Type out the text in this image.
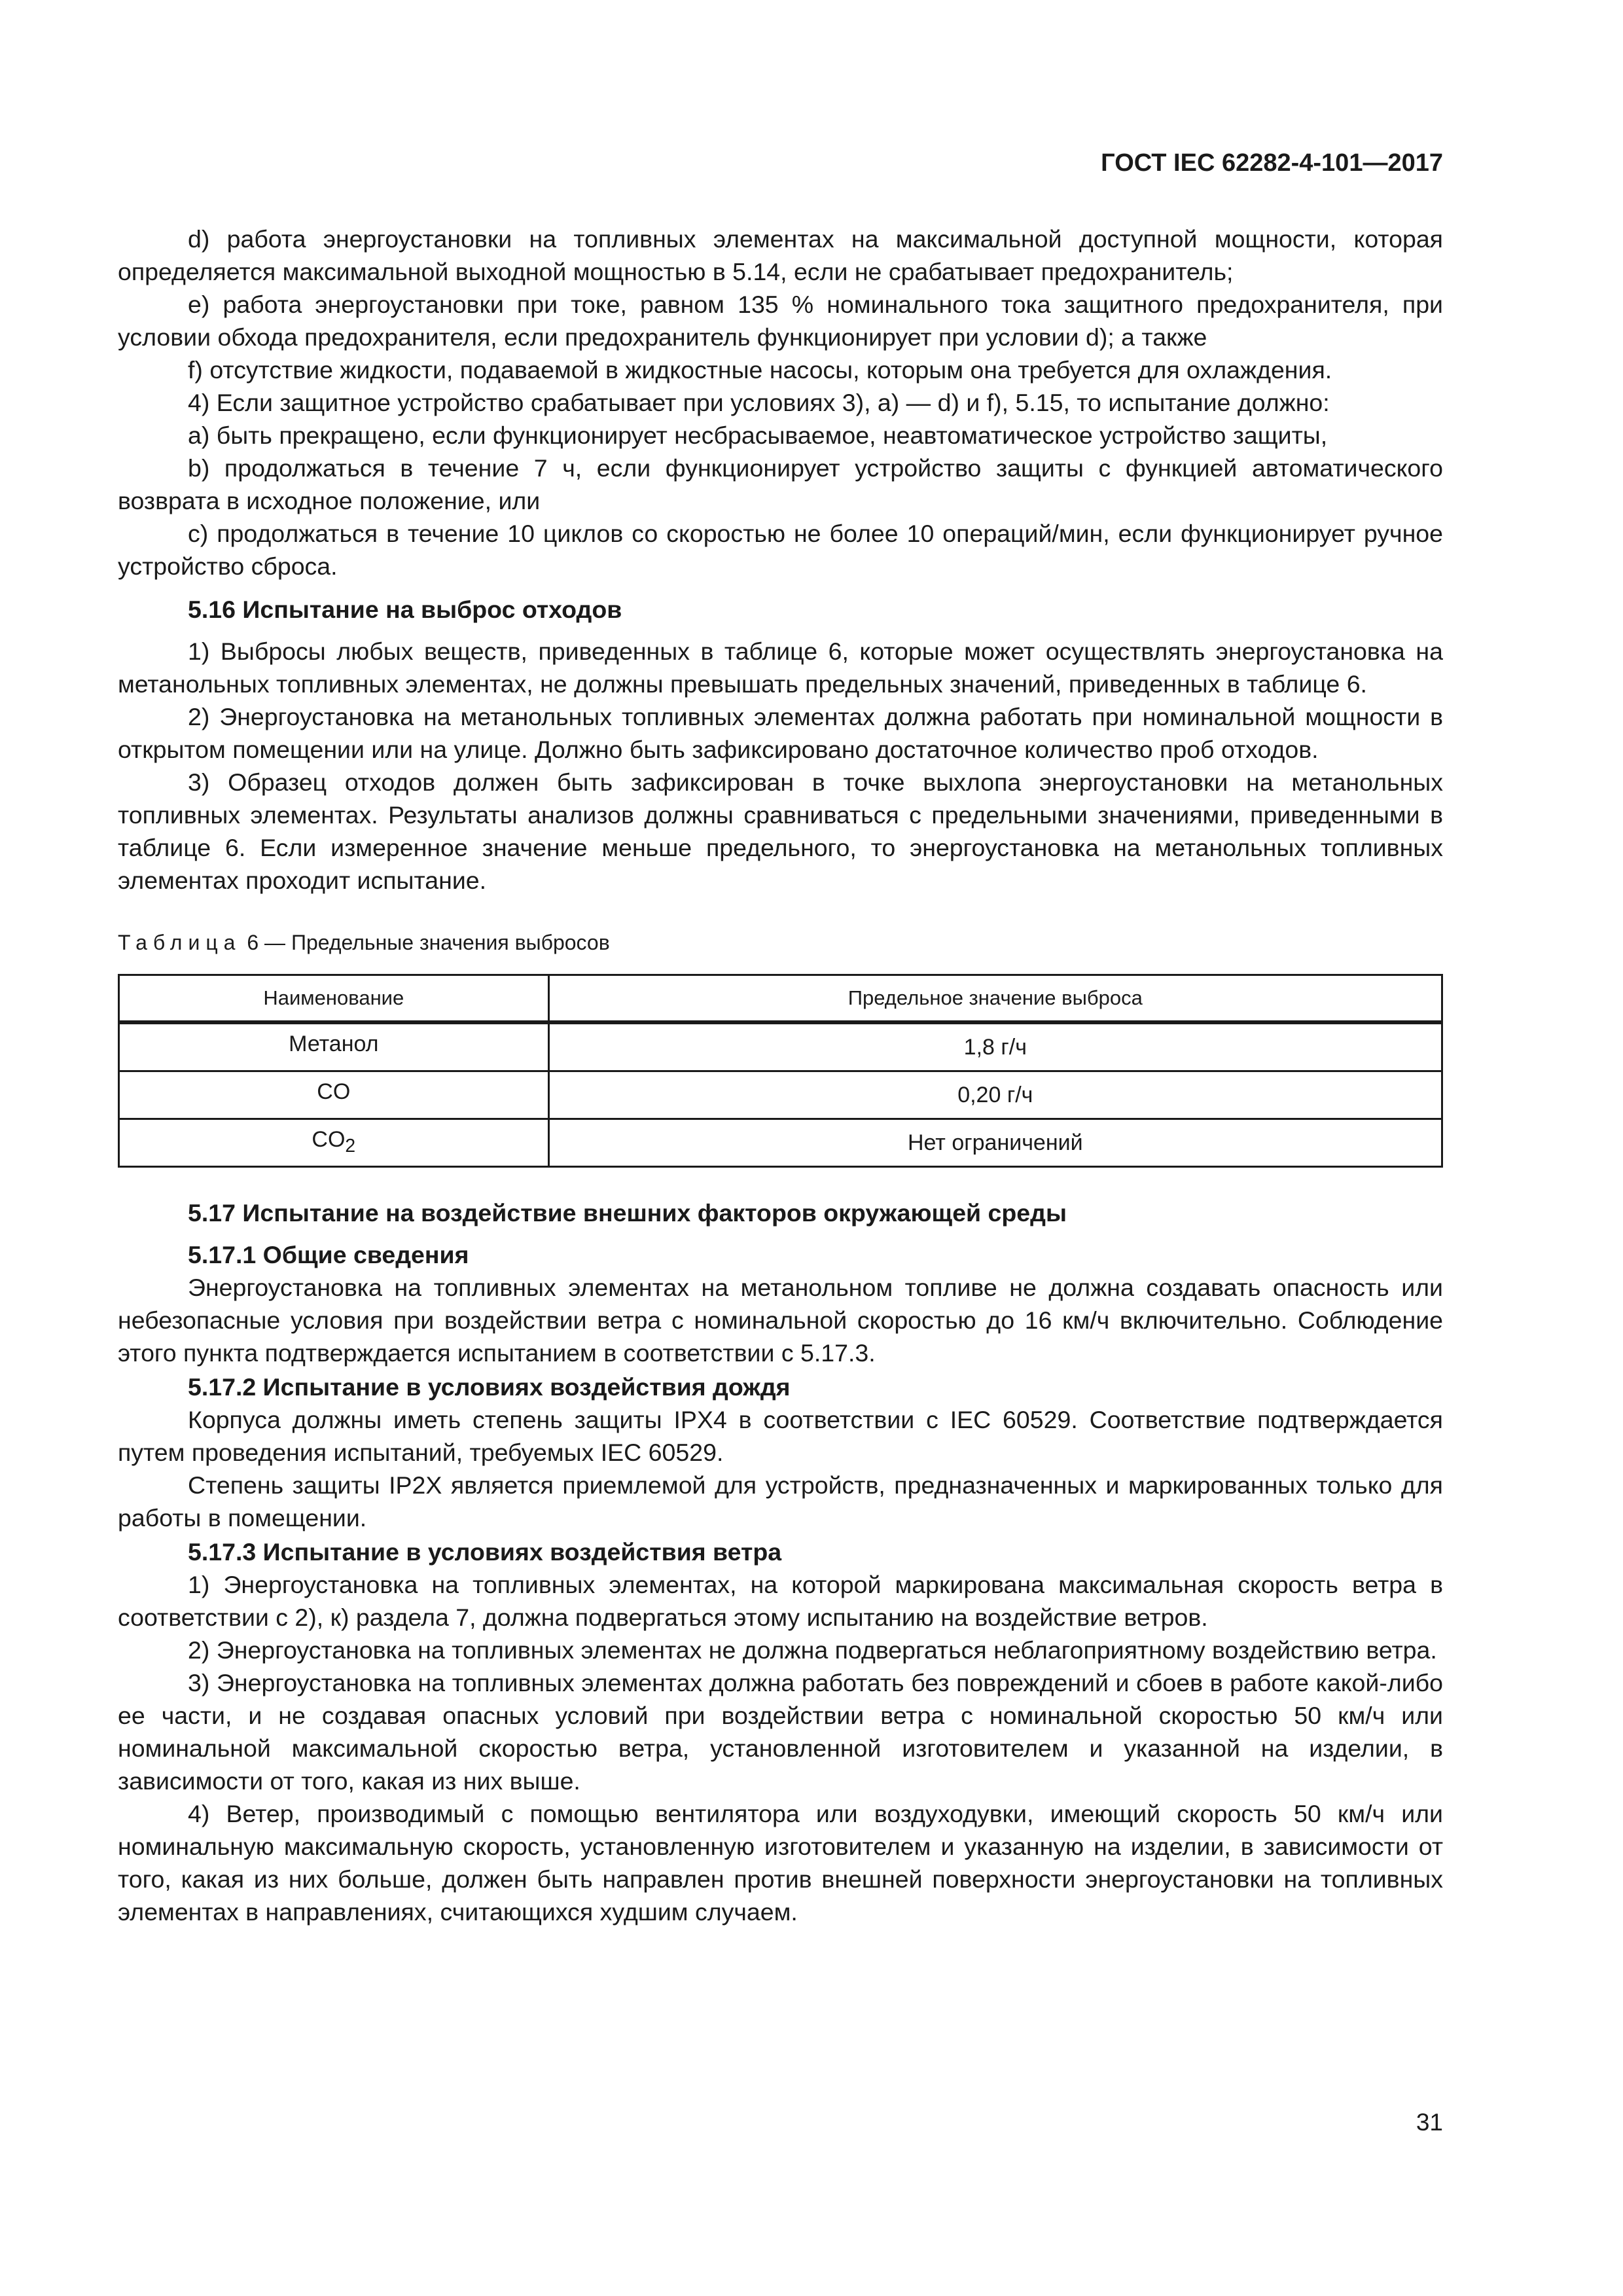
ГОСТ IEC 62282-4-101—2017

d) работа энергоустановки на топливных элементах на максимальной доступной мощности, которая определяется максимальной выходной мощностью в 5.14, если не срабатывает предохранитель;

e) работа энергоустановки при токе, равном 135 % номинального тока защитного предохранителя, при условии обхода предохранителя, если предохранитель функционирует при условии d); а также

f) отсутствие жидкости, подаваемой в жидкостные насосы, которым она требуется для охлаждения.

4) Если защитное устройство срабатывает при условиях 3), а) — d) и f), 5.15, то испытание должно:

a) быть прекращено, если функционирует несбрасываемое, неавтоматическое устройство защиты,

b) продолжаться в течение 7 ч, если функционирует устройство защиты с функцией автоматического возврата в исходное положение, или

c) продолжаться в течение 10 циклов со скоростью не более 10 операций/мин, если функционирует ручное устройство сброса.

5.16 Испытание на выброс отходов

1) Выбросы любых веществ, приведенных в таблице 6, которые может осуществлять энергоустановка на метанольных топливных элементах, не должны превышать предельных значений, приведенных в таблице 6.

2) Энергоустановка на метанольных топливных элементах должна работать при номинальной мощности в открытом помещении или на улице. Должно быть зафиксировано достаточное количество проб отходов.

3) Образец отходов должен быть зафиксирован в точке выхлопа энергоустановки на метанольных топливных элементах. Результаты анализов должны сравниваться с предельными значениями, приведенными в таблице 6. Если измеренное значение меньше предельного, то энергоустановка на метанольных топливных элементах проходит испытание.

Таблица 6 — Предельные значения выбросов

Наименование	Предельное значение выброса
Метанол	1,8 г/ч
CO	0,20 г/ч
$CO_2$	Нет ограничений

5.17 Испытание на воздействие внешних факторов окружающей среды

5.17.1 Общие сведения

Энергоустановка на топливных элементах на метанольном топливе не должна создавать опасность или небезопасные условия при воздействии ветра с номинальной скоростью до 16 км/ч включительно. Соблюдение этого пункта подтверждается испытанием в соответствии с 5.17.3.

5.17.2 Испытание в условиях воздействия дождя

Корпуса должны иметь степень защиты IPX4 в соответствии с IEC 60529. Соответствие подтверждается путем проведения испытаний, требуемых IEC 60529.

Степень защиты IP2X является приемлемой для устройств, предназначенных и маркированных только для работы в помещении.

5.17.3 Испытание в условиях воздействия ветра

1) Энергоустановка на топливных элементах, на которой маркирована максимальная скорость ветра в соответствии с 2), к) раздела 7, должна подвергаться этому испытанию на воздействие ветров.

2) Энергоустановка на топливных элементах не должна подвергаться неблагоприятному воздействию ветра.

3) Энергоустановка на топливных элементах должна работать без повреждений и сбоев в работе какой-либо ее части, и не создавая опасных условий при воздействии ветра с номинальной скоростью 50 км/ч или номинальной максимальной скоростью ветра, установленной изготовителем и указанной на изделии, в зависимости от того, какая из них выше.

4) Ветер, производимый с помощью вентилятора или воздуходувки, имеющий скорость 50 км/ч или номинальную максимальную скорость, установленную изготовителем и указанную на изделии, в зависимости от того, какая из них больше, должен быть направлен против внешней поверхности энергоустановки на топливных элементах в направлениях, считающихся худшим случаем.

31
